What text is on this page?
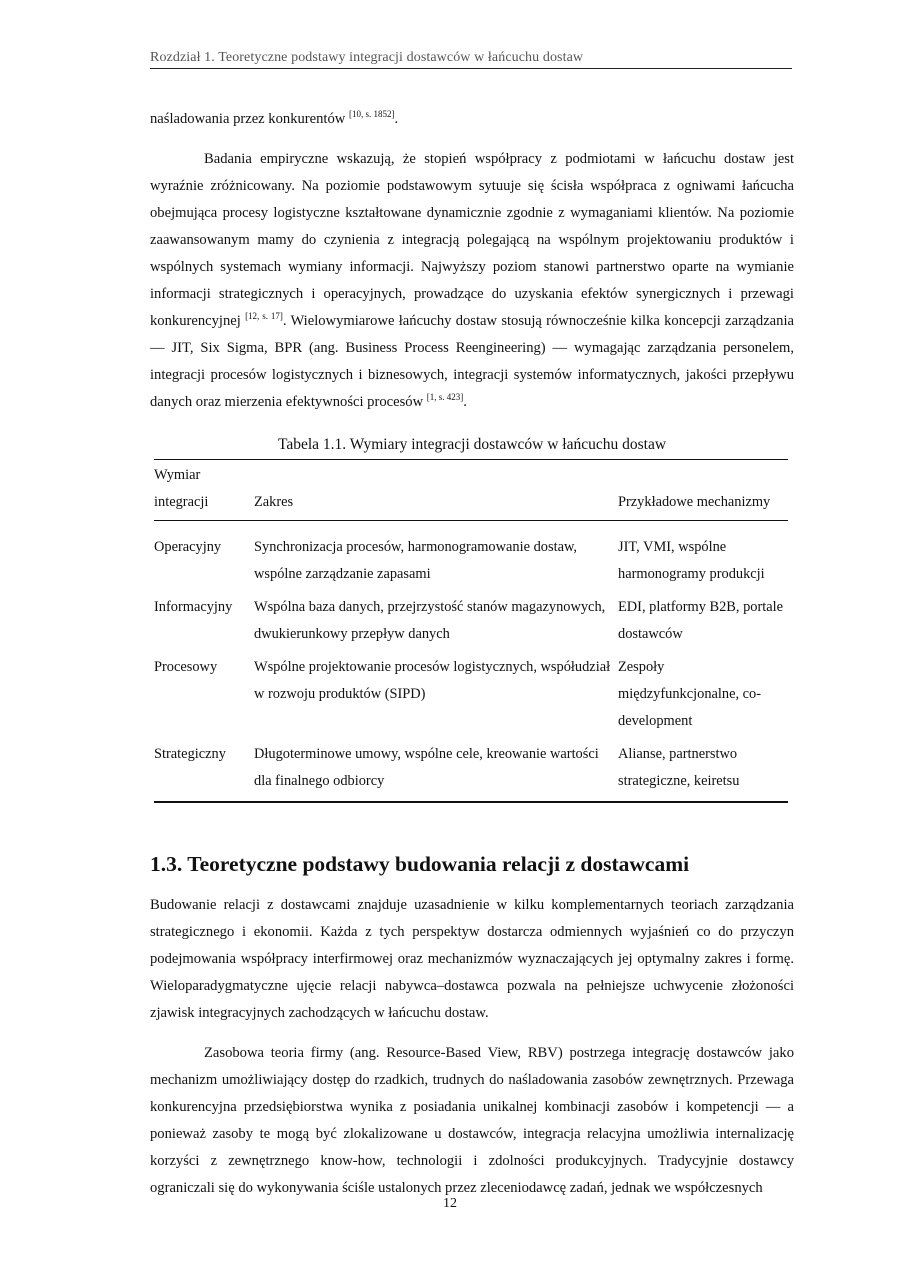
Rozdział 1. Teoretyczne podstawy integracji dostawców w łańcuchu dostaw

naśladowania przez konkurentów [10, s. 1852].

Badania empiryczne wskazują, że stopień współpracy z podmiotami w łańcuchu dostaw jest wyraźnie zróżnicowany. Na poziomie podstawowym sytuuje się ścisła współpraca z ogniwami łańcucha obejmująca procesy logistyczne kształtowane dynamicznie zgodnie z wymaganiami klientów. Na poziomie zaawansowanym mamy do czynienia z integracją polegającą na wspólnym projektowaniu produktów i wspólnych systemach wymiany informacji. Najwyższy poziom stanowi partnerstwo oparte na wymianie informacji strategicznych i operacyjnych, prowadzące do uzyskania efektów synergicznych i przewagi konkurencyjnej [12, s. 17]. Wielowymiarowe łańcuchy dostaw stosują równocześnie kilka koncepcji zarządzania — JIT, Six Sigma, BPR (ang. Business Process Reengineering) — wymagając zarządzania personelem, integracji procesów logistycznych i biznesowych, integracji systemów informatycznych, jakości przepływu danych oraz mierzenia efektywności procesów [1, s. 423].

Tabela 1.1. Wymiary integracji dostawców w łańcuchu dostaw
Wymiar
integracji	Zakres	Przykładowe mechanizmy
Operacyjny	Synchronizacja procesów, harmonogramowanie dostaw, wspólne zarządzanie zapasami	JIT, VMI, wspólne harmonogramy produkcji
Informacyjny	Wspólna baza danych, przejrzystość stanów magazynowych, dwukierunkowy przepływ danych	EDI, platformy B2B, portale dostawców
Procesowy	Wspólne projektowanie procesów logistycznych, współudział w rozwoju produktów (SIPD)	Zespoły międzyfunkcjonalne, co-development
Strategiczny	Długoterminowe umowy, wspólne cele, kreowanie wartości dla finalnego odbiorcy	Alianse, partnerstwo strategiczne, keiretsu
1.3. Teoretyczne podstawy budowania relacji z dostawcami

Budowanie relacji z dostawcami znajduje uzasadnienie w kilku komplementarnych teoriach zarządzania strategicznego i ekonomii. Każda z tych perspektyw dostarcza odmiennych wyjaśnień co do przyczyn podejmowania współpracy interfirmowej oraz mechanizmów wyznaczających jej optymalny zakres i formę. Wieloparadygmatyczne ujęcie relacji nabywca–dostawca pozwala na pełniejsze uchwycenie złożoności zjawisk integracyjnych zachodzących w łańcuchu dostaw.

Zasobowa teoria firmy (ang. Resource-Based View, RBV) postrzega integrację dostawców jako mechanizm umożliwiający dostęp do rzadkich, trudnych do naśladowania zasobów zewnętrznych. Przewaga konkurencyjna przedsiębiorstwa wynika z posiadania unikalnej kombinacji zasobów i kompetencji — a ponieważ zasoby te mogą być zlokalizowane u dostawców, integracja relacyjna umożliwia internalizację korzyści z zewnętrznego know-how, technologii i zdolności produkcyjnych. Tradycyjnie dostawcy ograniczali się do wykonywania ściśle ustalonych przez zleceniodawcę zadań, jednak we współczesnych

12
